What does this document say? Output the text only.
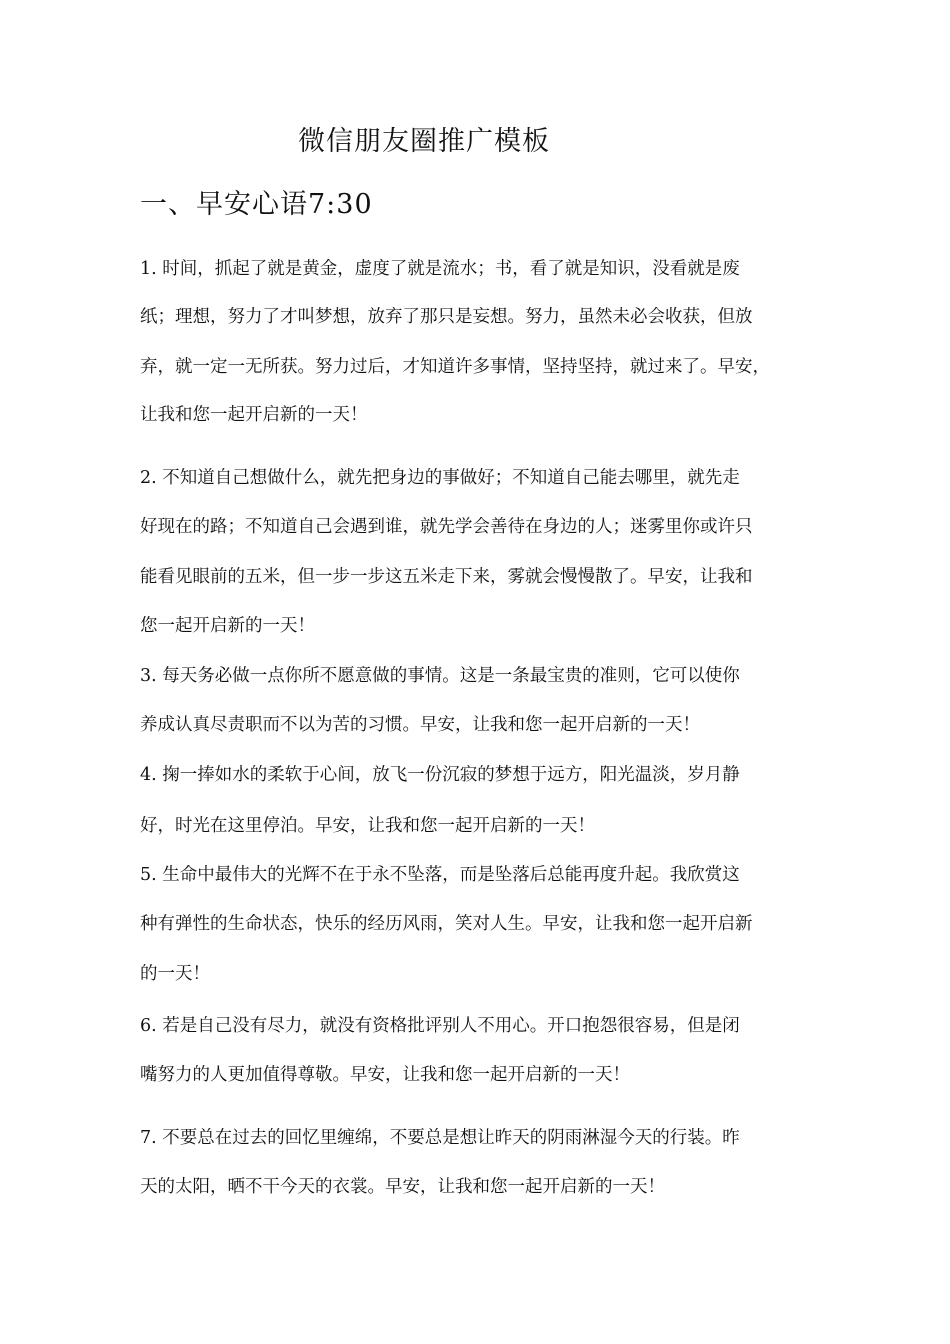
微信朋友圈推广模板
一、早安心语7:30
1. 时间，抓起了就是黄金，虚度了就是流水；书，看了就是知识，没看就是废
纸；理想，努力了才叫梦想，放弃了那只是妄想。努力，虽然未必会收获，但放
弃，就一定一无所获。努力过后，才知道许多事情，坚持坚持，就过来了。早安，
让我和您一起开启新的一天！
2. 不知道自己想做什么，就先把身边的事做好；不知道自己能去哪里，就先走
好现在的路；不知道自己会遇到谁，就先学会善待在身边的人；迷雾里你或许只
能看见眼前的五米，但一步一步这五米走下来，雾就会慢慢散了。早安，让我和
您一起开启新的一天！
3. 每天务必做一点你所不愿意做的事情。这是一条最宝贵的准则，它可以使你
养成认真尽责职而不以为苦的习惯。早安，让我和您一起开启新的一天！
4. 掬一捧如水的柔软于心间，放飞一份沉寂的梦想于远方，阳光温淡，岁月静
好，时光在这里停泊。早安，让我和您一起开启新的一天！
5. 生命中最伟大的光辉不在于永不坠落，而是坠落后总能再度升起。我欣赏这
种有弹性的生命状态，快乐的经历风雨，笑对人生。早安，让我和您一起开启新
的一天！
6. 若是自己没有尽力，就没有资格批评别人不用心。开口抱怨很容易，但是闭
嘴努力的人更加值得尊敬。早安，让我和您一起开启新的一天！
7. 不要总在过去的回忆里缠绵，不要总是想让昨天的阴雨淋湿今天的行装。昨
天的太阳，晒不干今天的衣裳。早安，让我和您一起开启新的一天！
